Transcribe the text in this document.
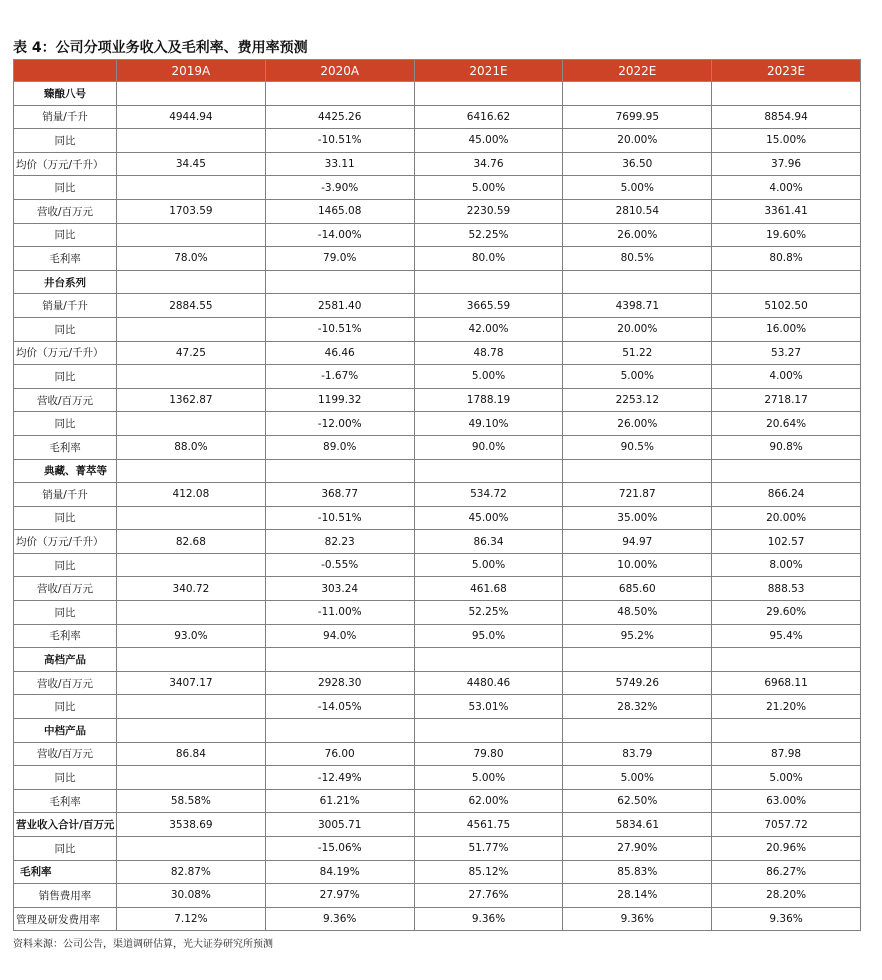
表 4：公司分项业务收入及毛利率、费用率预测
	2019A	2020A	2021E	2022E	2023E
臻酿八号					
销量/千升	4944.94	4425.26	6416.62	7699.95	8854.94
同比		-10.51%	45.00%	20.00%	15.00%
均价（万元/千升）	34.45	33.11	34.76	36.50	37.96
同比		-3.90%	5.00%	5.00%	4.00%
营收/百万元	1703.59	1465.08	2230.59	2810.54	3361.41
同比		-14.00%	52.25%	26.00%	19.60%
毛利率	78.0%	79.0%	80.0%	80.5%	80.8%
井台系列					
销量/千升	2884.55	2581.40	3665.59	4398.71	5102.50
同比		-10.51%	42.00%	20.00%	16.00%
均价（万元/千升）	47.25	46.46	48.78	51.22	53.27
同比		-1.67%	5.00%	5.00%	4.00%
营收/百万元	1362.87	1199.32	1788.19	2253.12	2718.17
同比		-12.00%	49.10%	26.00%	20.64%
毛利率	88.0%	89.0%	90.0%	90.5%	90.8%
典藏、菁萃等					
销量/千升	412.08	368.77	534.72	721.87	866.24
同比		-10.51%	45.00%	35.00%	20.00%
均价（万元/千升）	82.68	82.23	86.34	94.97	102.57
同比		-0.55%	5.00%	10.00%	8.00%
营收/百万元	340.72	303.24	461.68	685.60	888.53
同比		-11.00%	52.25%	48.50%	29.60%
毛利率	93.0%	94.0%	95.0%	95.2%	95.4%
高档产品					
营收/百万元	3407.17	2928.30	4480.46	5749.26	6968.11
同比		-14.05%	53.01%	28.32%	21.20%
中档产品					
营收/百万元	86.84	76.00	79.80	83.79	87.98
同比		-12.49%	5.00%	5.00%	5.00%
毛利率	58.58%	61.21%	62.00%	62.50%	63.00%
营业收入合计/百万元	3538.69	3005.71	4561.75	5834.61	7057.72
同比		-15.06%	51.77%	27.90%	20.96%
毛利率	82.87%	84.19%	85.12%	85.83%	86.27%
销售费用率	30.08%	27.97%	27.76%	28.14%	28.20%
管理及研发费用率	7.12%	9.36%	9.36%	9.36%	9.36%
资料来源：公司公告，渠道调研估算，光大证券研究所预测
